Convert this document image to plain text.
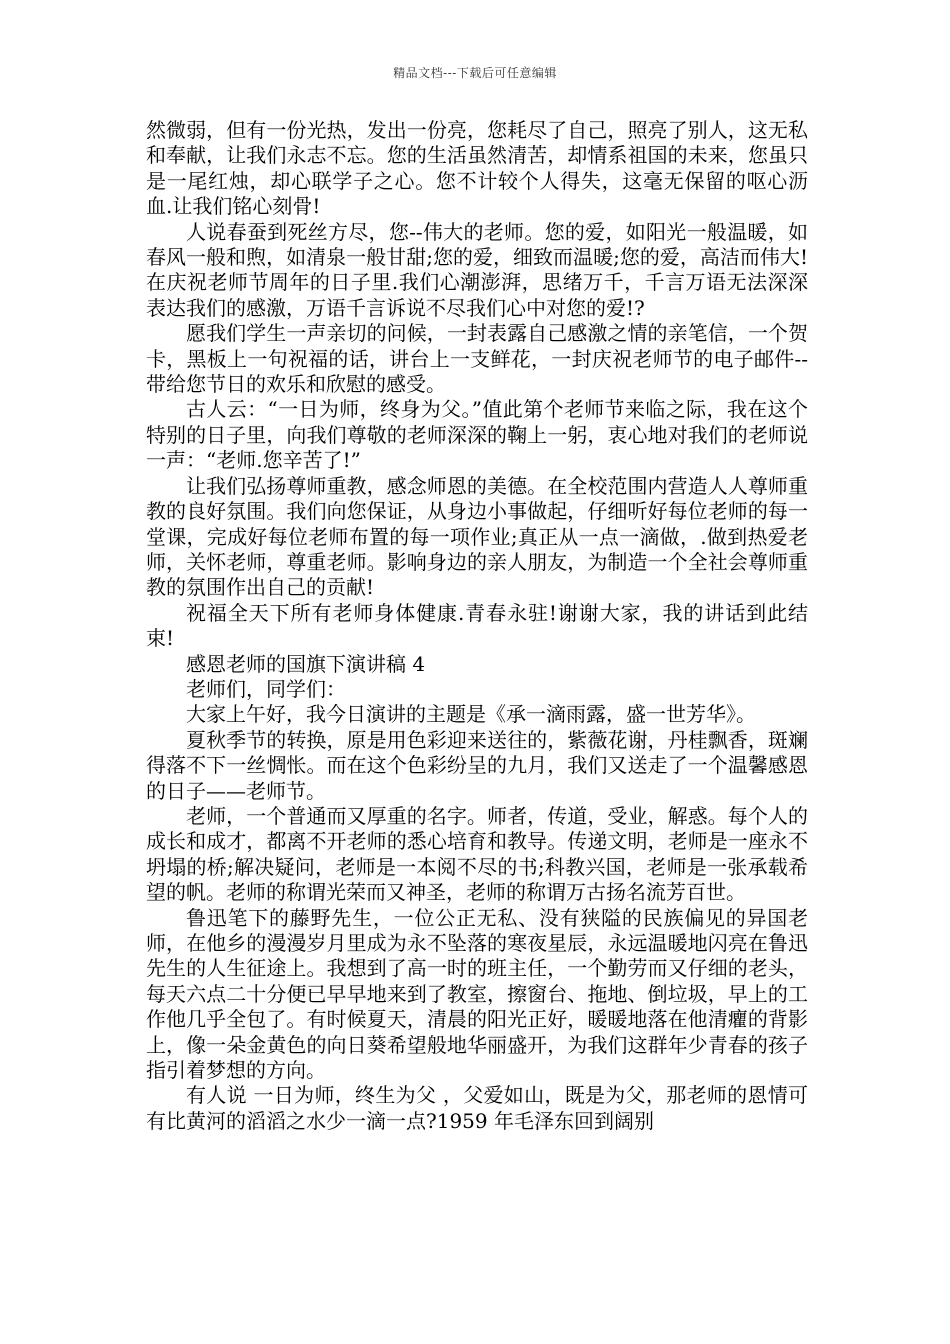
精品文档---下载后可任意编辑

然微弱，但有一份光热，发出一份亮，您耗尽了自己，照亮了别人，这无私和奉献，让我们永志不忘。您的生活虽然清苦，却情系祖国的未来，您虽只是一尾红烛，却心联学子之心。您不计较个人得失，这毫无保留的呕心沥血.让我们铭心刻骨!

人说春蚕到死丝方尽，您--伟大的老师。您的爱，如阳光一般温暖，如春风一般和煦，如清泉一般甘甜;您的爱，细致而温暖;您的爱，高洁而伟大!在庆祝老师节周年的日子里.我们心潮澎湃，思绪万千，千言万语无法深深表达我们的感激，万语千言诉说不尽我们心中对您的爱!?

愿我们学生一声亲切的问候，一封表露自己感激之情的亲笔信，一个贺卡，黑板上一句祝福的话，讲台上一支鲜花，一封庆祝老师节的电子邮件--带给您节日的欢乐和欣慰的感受。

古人云：“一日为师，终身为父。”值此第个老师节来临之际，我在这个特别的日子里，向我们尊敬的老师深深的鞠上一躬，衷心地对我们的老师说一声：“老师.您辛苦了!”

让我们弘扬尊师重教，感念师恩的美德。在全校范围内营造人人尊师重教的良好氛围。我们向您保证，从身边小事做起，仔细听好每位老师的每一堂课，完成好每位老师布置的每一项作业;真正从一点一滴做，.做到热爱老师，关怀老师，尊重老师。影响身边的亲人朋友，为制造一个全社会尊师重教的氛围作出自己的贡献!

祝福全天下所有老师身体健康.青春永驻!谢谢大家，我的讲话到此结束!

感恩老师的国旗下演讲稿 4

老师们，同学们：

大家上午好，我今日演讲的主题是《承一滴雨露，盛一世芳华》。

夏秋季节的转换，原是用色彩迎来送往的，紫薇花谢，丹桂飘香，斑斓得落不下一丝惆怅。而在这个色彩纷呈的九月，我们又送走了一个温馨感恩的日子——老师节。

老师，一个普通而又厚重的名字。师者，传道，受业，解惑。每个人的成长和成才，都离不开老师的悉心培育和教导。传递文明，老师是一座永不坍塌的桥;解决疑问，老师是一本阅不尽的书;科教兴国，老师是一张承载希望的帆。老师的称谓光荣而又神圣，老师的称谓万古扬名流芳百世。

鲁迅笔下的藤野先生，一位公正无私、没有狭隘的民族偏见的异国老师，在他乡的漫漫岁月里成为永不坠落的寒夜星辰，永远温暖地闪亮在鲁迅先生的人生征途上。我想到了高一时的班主任，一个勤劳而又仔细的老头，每天六点二十分便已早早地来到了教室，擦窗台、拖地、倒垃圾，早上的工作他几乎全包了。有时候夏天，清晨的阳光正好，暖暖地落在他清癯的背影上，像一朵金黄色的向日葵希望般地华丽盛开，为我们这群年少青春的孩子指引着梦想的方向。

有人说 一日为师，终生为父 ，父爱如山，既是为父，那老师的恩情可有比黄河的滔滔之水少一滴一点?1959 年毛泽东回到阔别
